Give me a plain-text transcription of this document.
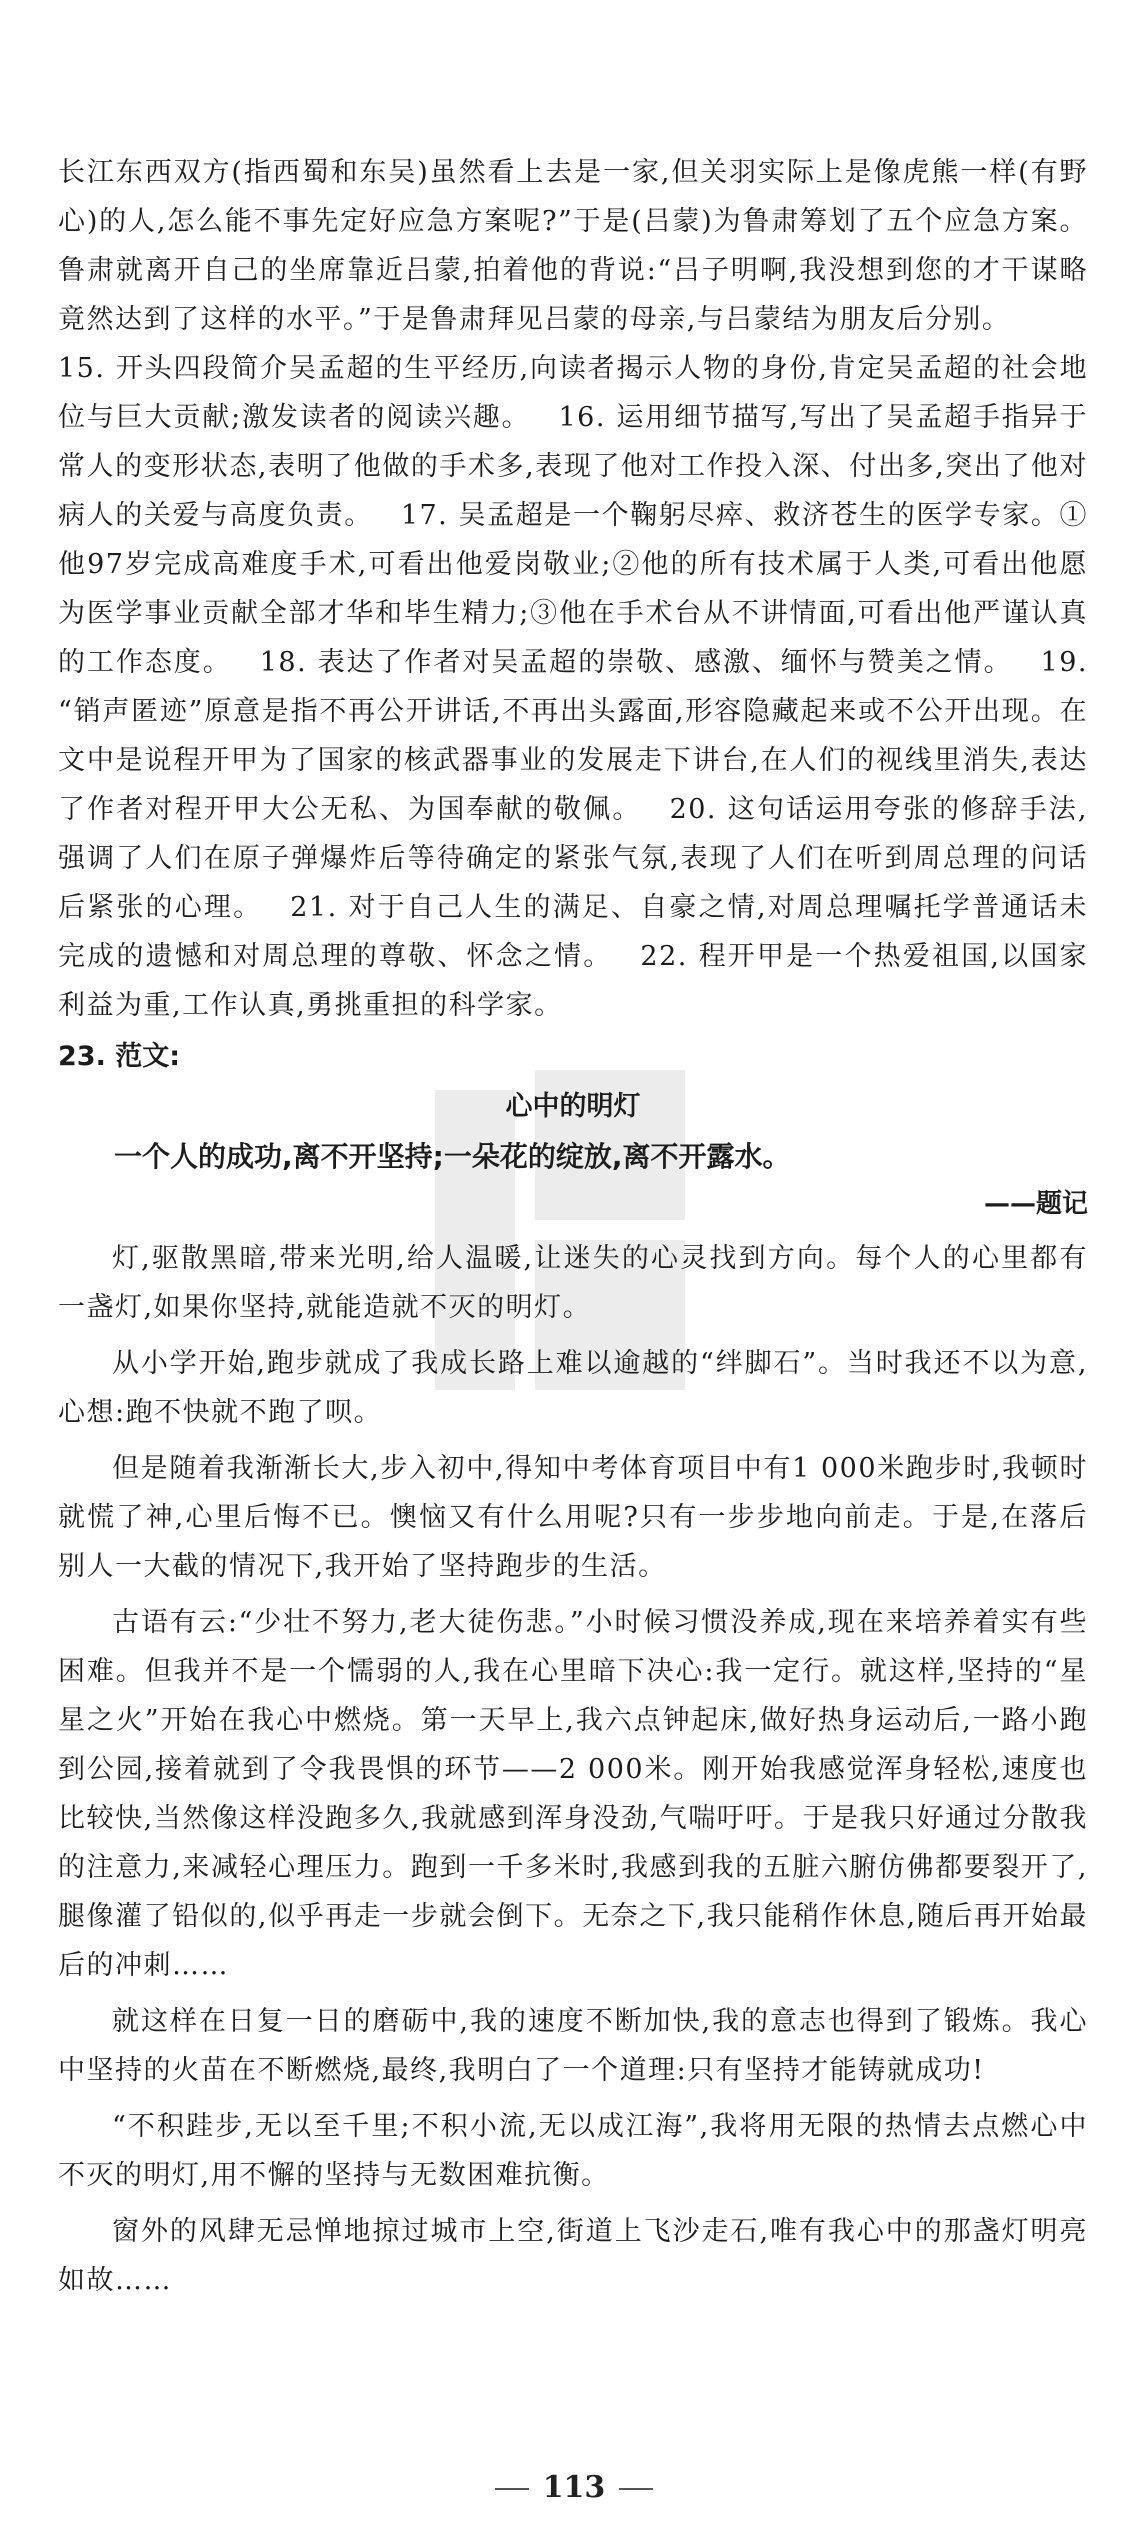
长江东西双方(指西蜀和东吴)虽然看上去是一家,但关羽实际上是像虎熊一样(有野心)的人,怎么能不事先定好应急方案呢?”于是(吕蒙)为鲁肃筹划了五个应急方案。鲁肃就离开自己的坐席靠近吕蒙,拍着他的背说:“吕子明啊,我没想到您的才干谋略竟然达到了这样的水平。”于是鲁肃拜见吕蒙的母亲,与吕蒙结为朋友后分别。

15. 开头四段简介吴孟超的生平经历,向读者揭示人物的身份,肯定吴孟超的社会地位与巨大贡献;激发读者的阅读兴趣。 16. 运用细节描写,写出了吴孟超手指异于常人的变形状态,表明了他做的手术多,表现了他对工作投入深、付出多,突出了他对病人的关爱与高度负责。 17. 吴孟超是一个鞠躬尽瘁、救济苍生的医学专家。①他97岁完成高难度手术,可看出他爱岗敬业;②他的所有技术属于人类,可看出他愿为医学事业贡献全部才华和毕生精力;③他在手术台从不讲情面,可看出他严谨认真的工作态度。 18. 表达了作者对吴孟超的崇敬、感激、缅怀与赞美之情。 19. “销声匿迹”原意是指不再公开讲话,不再出头露面,形容隐藏起来或不公开出现。在文中是说程开甲为了国家的核武器事业的发展走下讲台,在人们的视线里消失,表达了作者对程开甲大公无私、为国奉献的敬佩。 20. 这句话运用夸张的修辞手法,强调了人们在原子弹爆炸后等待确定的紧张气氛,表现了人们在听到周总理的问话后紧张的心理。 21. 对于自己人生的满足、自豪之情,对周总理嘱托学普通话未完成的遗憾和对周总理的尊敬、怀念之情。 22. 程开甲是一个热爱祖国,以国家利益为重,工作认真,勇挑重担的科学家。

23. 范文:

心中的明灯

一个人的成功,离不开坚持;一朵花的绽放,离不开露水。

——题记

灯,驱散黑暗,带来光明,给人温暖,让迷失的心灵找到方向。每个人的心里都有一盏灯,如果你坚持,就能造就不灭的明灯。

从小学开始,跑步就成了我成长路上难以逾越的“绊脚石”。当时我还不以为意,心想:跑不快就不跑了呗。

但是随着我渐渐长大,步入初中,得知中考体育项目中有1 000米跑步时,我顿时就慌了神,心里后悔不已。懊恼又有什么用呢?只有一步步地向前走。于是,在落后别人一大截的情况下,我开始了坚持跑步的生活。

古语有云:“少壮不努力,老大徒伤悲。”小时候习惯没养成,现在来培养着实有些困难。但我并不是一个懦弱的人,我在心里暗下决心:我一定行。就这样,坚持的“星星之火”开始在我心中燃烧。第一天早上,我六点钟起床,做好热身运动后,一路小跑到公园,接着就到了令我畏惧的环节——2 000米。刚开始我感觉浑身轻松,速度也比较快,当然像这样没跑多久,我就感到浑身没劲,气喘吁吁。于是我只好通过分散我的注意力,来减轻心理压力。跑到一千多米时,我感到我的五脏六腑仿佛都要裂开了,腿像灌了铅似的,似乎再走一步就会倒下。无奈之下,我只能稍作休息,随后再开始最后的冲刺……

就这样在日复一日的磨砺中,我的速度不断加快,我的意志也得到了锻炼。我心中坚持的火苗在不断燃烧,最终,我明白了一个道理:只有坚持才能铸就成功!

“不积跬步,无以至千里;不积小流,无以成江海”,我将用无限的热情去点燃心中不灭的明灯,用不懈的坚持与无数困难抗衡。

窗外的风肆无忌惮地掠过城市上空,街道上飞沙走石,唯有我心中的那盏灯明亮如故……

113
